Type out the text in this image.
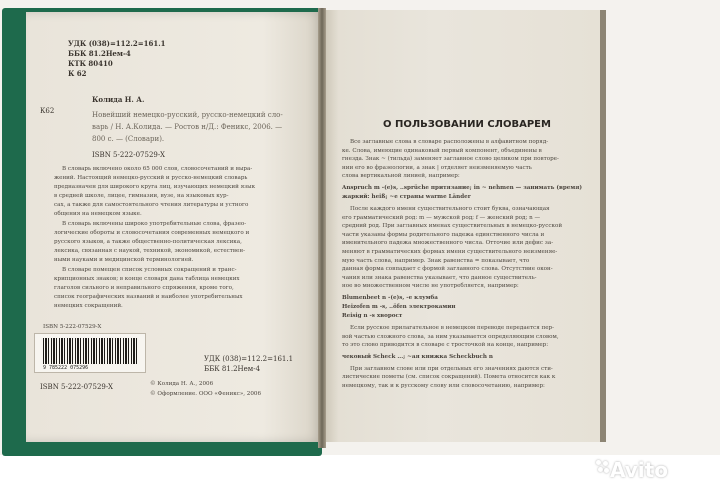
УДК (038)=112.2=161.1
ББК 81.2Нем-4
КТК 80410
К 62
К62
Колида Н. А.
Новейший немецко-русский, русско-немецкий сло-
варь / Н. А.Колида. — Ростов н/Д.: Феникс, 2006. —
800 с. — (Словари).
ISBN 5-222-07529-X
В словарь включено около 65 000 слов, словосочетаний и выра-
жений. Настоящий немецко-русский и русско-немецкий словарь
предназначен для широкого круга лиц, изучающих немецкий язык
в средней школе, лицее, гимназии, вузе, на языковых кур-
сах, а также для самостоятельного чтения литературы и устного
общения на немецком языке.
В словарь включены широко употребительные слова, фразео-
логические обороты и словосочетания современных немецкого и
русского языков, а также общественно-политическая лексика,
лексика, связанная с наукой, техникой, экономикой, естествен-
ными науками и медицинской терминологией.
В словаре помещен список условных сокращений и транс-
крипционных знаков; в конце словаря дана таблица немецких
глаголов сильного и неправильного спряжения, кроме того,
список географических названий и наиболее употребительных
немецких сокращений.
ISBN 5-222-07529-X
9 785222 075296
УДК (038)=112.2=161.1
ББК 81.2Нем-4
ISBN 5-222-07529-X	© Колида Н. А., 2006
© Оформление. ООО «Феникс», 2006
О ПОЛЬЗОВАНИИ СЛОВАРЕМ
Все заглавные слова в словаре расположены в алфавитном поряд-
ке. Слова, имеющие одинаковый первый компонент, объединены в
гнезда. Знак ~ (тильда) заменяет заглавное слово целиком при повторе-
нии его во фразеологии, а знак | отделяет неизменяемую часть
слова вертикальной линией, например:
Anspruch m -(e)s, ..sprüche притязание; in ~ nehmen — занимать (время)
жаркий: heiß; ~е страны warme Länder
После каждого имени существительного стоит буква, означающая
его грамматический род: m — мужской род; f — женский род; n —
средний род. При заглавных именах существительных в немецко-русской
части указаны формы родительного падежа единственного числа и
именительного падежа множественного числа. Отточие или дефис за-
меняют в грамматических формах имени существительного неизменяе-
мую часть слова, например. Знак равенства = показывает, что
данная форма совпадает с формой заглавного слова. Отсутствие окон-
чания или знака равенства указывает, что данное существитель-
ное во множественном числе не употребляется, например:
Blumenbeet n -(e)s, -e клумба
Heizofen m -s, ..öfen электрокамин
Reisig n -s хворост
Если русское прилагательное в немецком переводе передается пер-
вой частью сложного слова, за ним указывается определяющим словом,
то это слово приводится в словаре с тросточкой на конце, например:
чековый Scheck ...; ~ая книжка Scheckbuch n
При заглавном слове или при отдельных его значениях даются сти-
листические пометы (см. список сокращений). Помета относится как к
немецкому, так и к русскому слову или словосочетанию, например:
Avito
